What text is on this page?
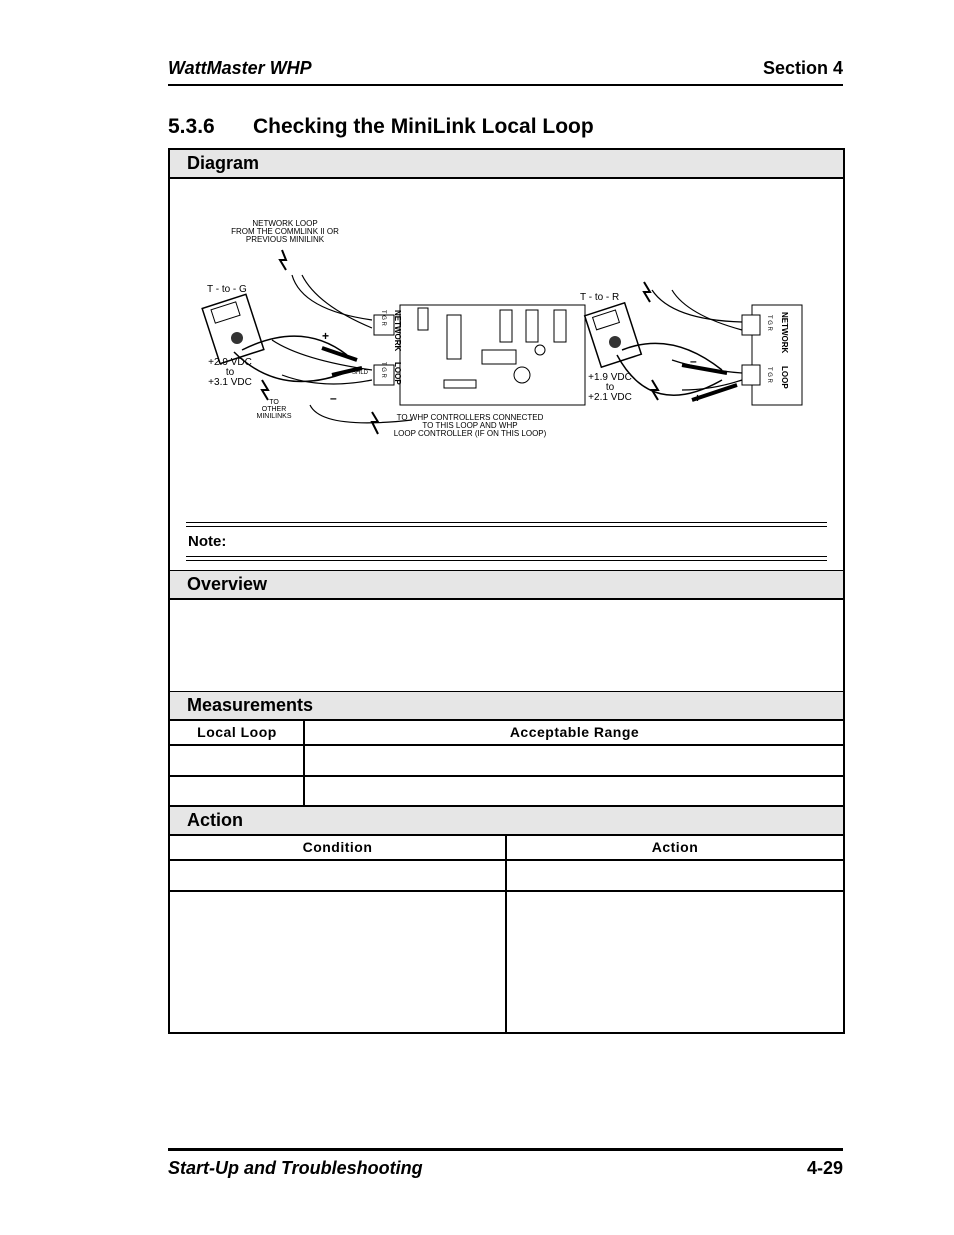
WattMaster WHP	Section 4
5.3.6 Checking the MiniLink Local Loop
Diagram
NETWORK
LOOP
T G R
T G R
SHLD
NETWORK LOOP FROM THE COMMLINK II OR PREVIOUS MINILINK
T - to - G
+
–
+2.9 VDC to +3.1 VDC
TO OTHER MINILINKS	TO WHP CONTROLLERS CONNECTED TO THIS LOOP AND WHP LOOP CONTROLLER (IF ON THIS LOOP)
NETWORK
LOOP
T G R
T G R
T - to - R
–
+
+1.9 VDC to +2.1 VDC
Note:
Overview
Measurements
Local Loop	Acceptable Range
Action
Condition	Action
Start-Up and Troubleshooting	4-29
